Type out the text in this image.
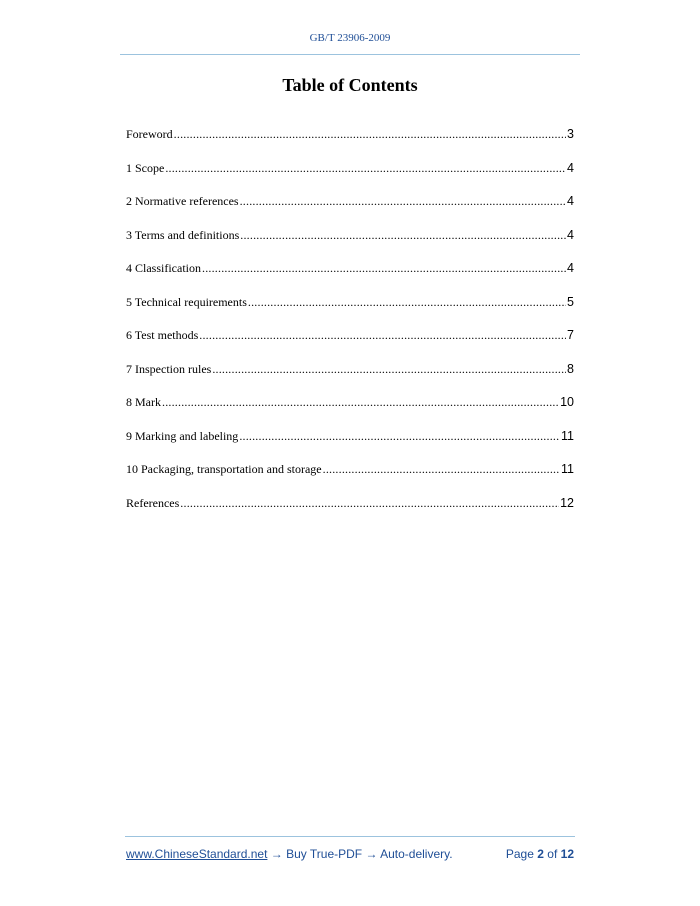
GB/T 23906-2009
Table of Contents
Foreword .....	3
1 Scope .....	4
2 Normative references .....	4
3 Terms and definitions .....	4
4 Classification .....	4
5 Technical requirements .....	5
6 Test methods .....	7
7 Inspection rules .....	8
8 Mark .....	10
9 Marking and labeling .....	11
10 Packaging, transportation and storage .....	11
References .....	12
www.ChineseStandard.net → Buy True-PDF → Auto-delivery.	Page 2 of 12
